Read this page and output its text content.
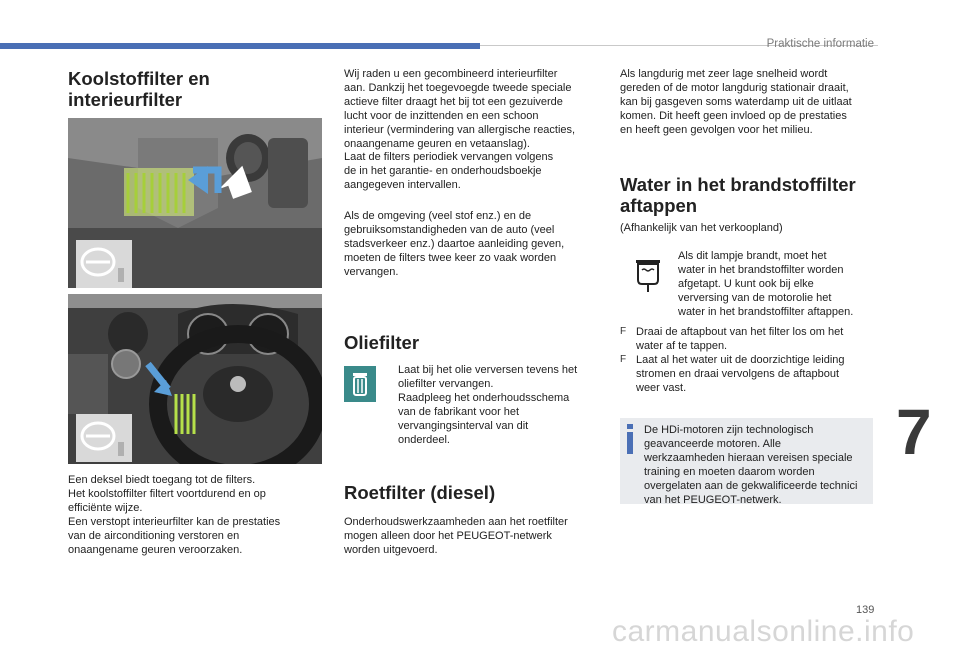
Praktische informatie
7
139
carmanualsonline.info
Koolstoffilter en
interieurfilter

Een deksel biedt toegang tot de filters.

Het koolstoffilter filtert voortdurend en op

efficiënte wijze.

Een verstopt interieurfilter kan de prestaties

van de airconditioning verstoren en

onaangename geuren veroorzaken.

Wij raden u een gecombineerd interieurfilter

aan. Dankzij het toegevoegde tweede speciale

actieve filter draagt het bij tot een gezuiverde

lucht voor de inzittenden en een schoon

interieur (vermindering van allergische reacties,

onaangename geuren en vetaanslag).

Laat de filters periodiek vervangen volgens

de in het garantie- en onderhoudsboekje

aangegeven intervallen.

Als de omgeving (veel stof enz.) en de

gebruiksomstandigheden van de auto (veel

stadsverkeer enz.) daartoe aanleiding geven,

moeten de filters twee keer zo vaak worden

vervangen.

Oliefilter

Laat bij het olie verversen tevens het

oliefilter vervangen.

Raadpleeg het onderhoudsschema

van de fabrikant voor het

vervangingsinterval van dit

onderdeel.

Roetfilter (diesel)

Onderhoudswerkzaamheden aan het roetfilter

mogen alleen door het PEUGEOT-netwerk

worden uitgevoerd.

Als langdurig met zeer lage snelheid wordt

gereden of de motor langdurig stationair draait,

kan bij gasgeven soms waterdamp uit de uitlaat

komen. Dit heeft geen invloed op de prestaties

en heeft geen gevolgen voor het milieu.

Water in het brandstoffilter
aftappen

(Afhankelijk van het verkoopland)

Als dit lampje brandt, moet het

water in het brandstoffilter worden

afgetapt. U kunt ook bij elke

verversing van de motorolie het

water in het brandstoffilter aftappen.

F Draai de aftapbout van het filter los om het

water af te tappen.

F Laat al het water uit de doorzichtige leiding

stromen en draai vervolgens de aftapbout

weer vast.

De HDi-motoren zijn technologisch

geavanceerde motoren. Alle

werkzaamheden hieraan vereisen speciale

training en moeten daarom worden

overgelaten aan de gekwalificeerde technici

van het PEUGEOT-netwerk.
